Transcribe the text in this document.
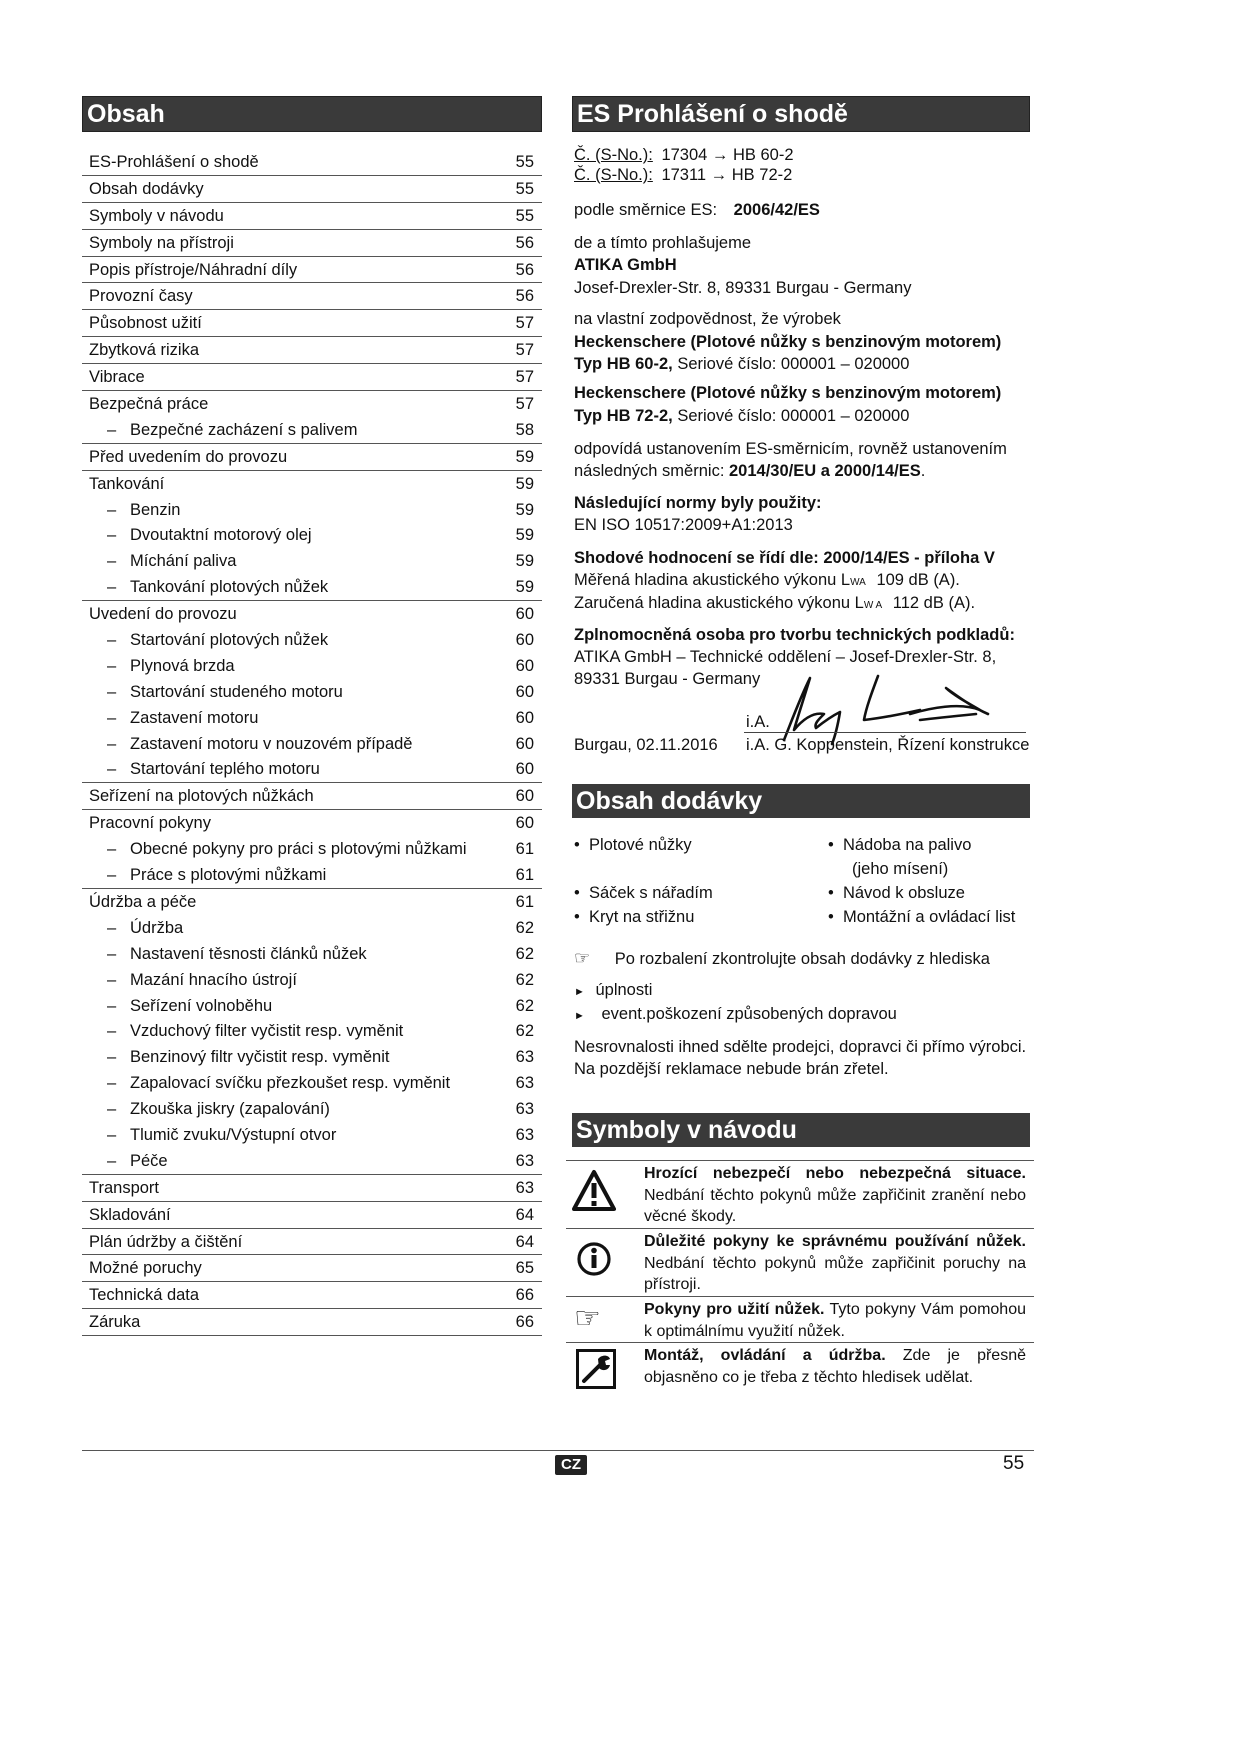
Obsah
ES-Prohlášení o shodě	55
Obsah dodávky	55
Symboly v návodu	55
Symboly na přístroji	56
Popis přístroje/Náhradní díly	56
Provozní časy	56
Působnost užití	57
Zbytková rizika	57
Vibrace	57
Bezpečná práce	57
– Bezpečné zacházení s palivem	58
Před uvedením do provozu	59
Tankování	59
– Benzin	59
– Dvoutaktní motorový olej	59
– Míchání paliva	59
– Tankování plotových nůžek	59
Uvedení do provozu	60
– Startování plotových nůžek	60
– Plynová brzda	60
– Startování studeného motoru	60
– Zastavení motoru	60
– Zastavení motoru v nouzovém případě	60
– Startování teplého motoru	60
Seřízení na plotových nůžkách	60
Pracovní pokyny	60
– Obecné pokyny pro práci s plotovými nůžkami	61
– Práce s plotovými nůžkami	61
Údržba a péče	61
– Údržba	62
– Nastavení těsnosti článků nůžek	62
– Mazání hnacího ústrojí	62
– Seřízení volnoběhu	62
– Vzduchový filter vyčistit resp. vyměnit	62
– Benzinový filtr vyčistit resp. vyměnit	63
– Zapalovací svíčku přezkoušet resp. vyměnit	63
– Zkouška jiskry (zapalování)	63
– Tlumič zvuku/Výstupní otvor	63
– Péče	63
Transport	63
Skladování	64
Plán údržby a čištění	64
Možné poruchy	65
Technická data	66
Záruka	66
ES Prohlášení o shodě
Č. (S-No.): 17304 → HB 60-2
Č. (S-No.): 17311 → HB 72-2
podle směrnice ES: 2006/42/ES
de a tímto prohlašujeme
ATIKA GmbH
Josef-Drexler-Str. 8, 89331 Burgau - Germany
na vlastní zodpovědnost, že výrobek
Heckenschere (Plotové nůžky s benzinovým motorem)
Typ HB 60-2, Seriové číslo: 000001 – 020000
Heckenschere (Plotové nůžky s benzinovým motorem)
Typ HB 72-2, Seriové číslo: 000001 – 020000
odpovídá ustanovením ES-směrnicím, rovněž ustanovením
následných směrnic: 2014/30/EU a 2000/14/ES.
Následující normy byly použity:
EN ISO 10517:2009+A1:2013
Shodové hodnocení se řídí dle: 2000/14/ES - příloha V
Měřená hladina akustického výkonu LWA 109 dB (A).
Zaručená hladina akustického výkonu LW A 112 dB (A).
Zplnomocněná osoba pro tvorbu technických podkladů:
ATIKA GmbH – Technické oddělení – Josef-Drexler-Str. 8,
89331 Burgau - Germany
i.A.
Burgau, 02.11.2016 i.A. G. Koppenstein, Řízení konstrukce
Obsah dodávky
•  Plotové nůžky
•  Sáček s nářadím
•  Kryt na střižnu
•  Nádoba na palivo
(jeho mísení)
•  Návod k obsluze
•  Montážní a ovládací list
☞ Po rozbalení zkontrolujte obsah dodávky z hlediska
► úplnosti
► event.poškození způsobených dopravou
Nesrovnalosti ihned sdělte prodejci, dopravci či přímo výrobci.
Na pozdější reklamace nebude brán zřetel.
Symboly v návodu
Hrozící nebezpečí nebo nebezpečná situace. Nedbání těchto pokynů může zapřičinit zranění nebo věcné škody.
Důležité pokyny ke správnému používání nůžek. Nedbání těchto pokynů může zapřičinit poruchy na přístroji.
☞	Pokyny pro užití nůžek. Tyto pokyny Vám pomohou k optimálnímu využití nůžek.
Montáž, ovládání a údržba. Zde je přesně objasněno co je třeba z těchto hledisek udělat.
CZ	55
